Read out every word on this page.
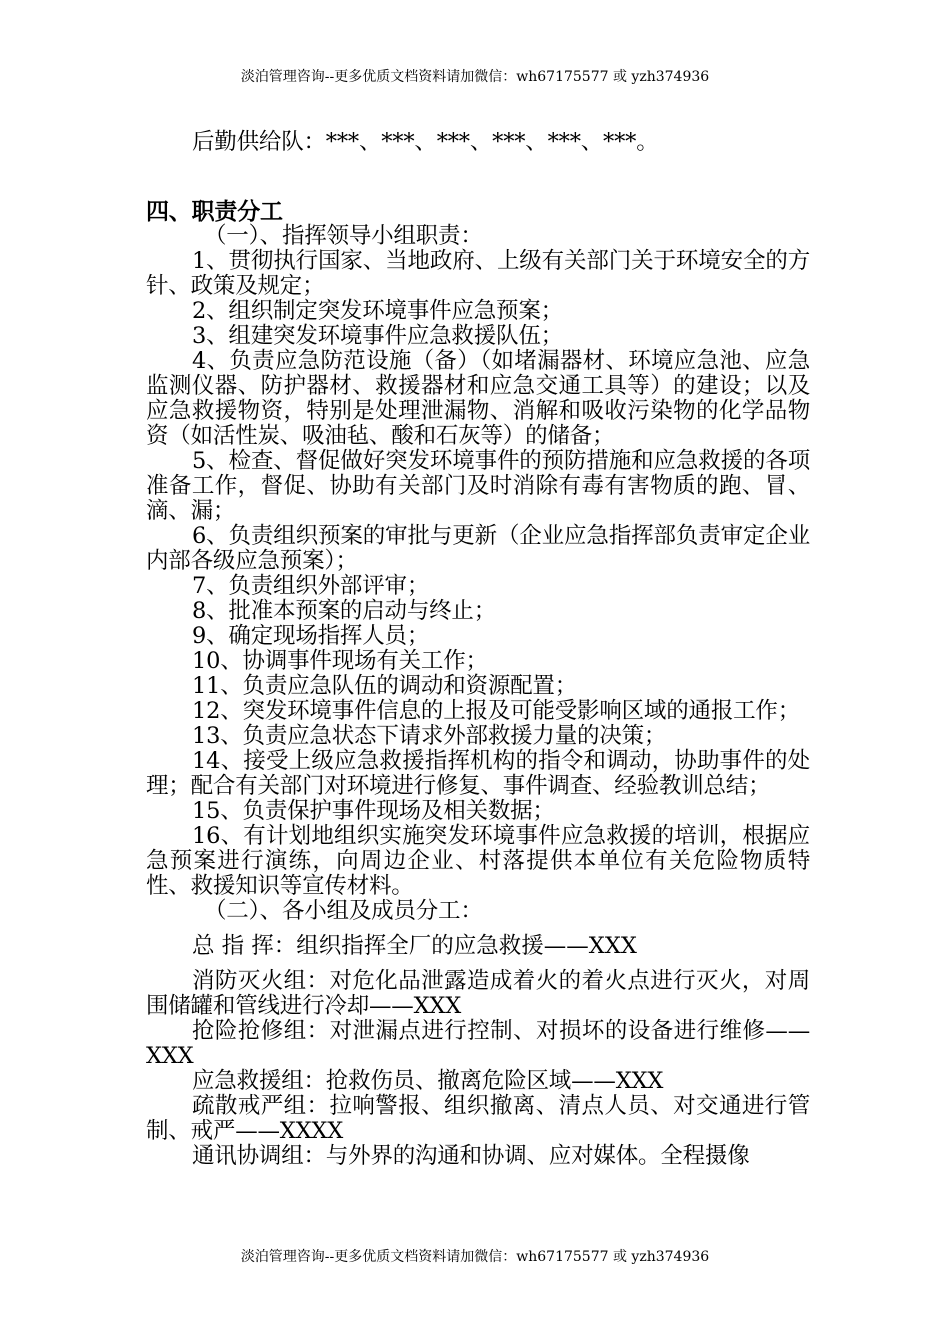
淡泊管理咨询--更多优质文档资料请加微信：wh67175577 或 yzh374936

后勤供给队：***、***、***、***、***、***。

四、职责分工

（一）、指挥领导小组职责：

1、贯彻执行国家、当地政府、上级有关部门关于环境安全的方针、政策及规定；

2、组织制定突发环境事件应急预案；

3、组建突发环境事件应急救援队伍；

4、负责应急防范设施（备）（如堵漏器材、环境应急池、应急监测仪器、防护器材、救援器材和应急交通工具等）的建设；以及应急救援物资，特别是处理泄漏物、消解和吸收污染物的化学品物资（如活性炭、吸油毡、酸和石灰等）的储备；

5、检查、督促做好突发环境事件的预防措施和应急救援的各项准备工作，督促、协助有关部门及时消除有毒有害物质的跑、冒、滴、漏；

6、负责组织预案的审批与更新（企业应急指挥部负责审定企业内部各级应急预案）；

7、负责组织外部评审；

8、批准本预案的启动与终止；

9、确定现场指挥人员；

10、协调事件现场有关工作；

11、负责应急队伍的调动和资源配置；

12、突发环境事件信息的上报及可能受影响区域的通报工作；

13、负责应急状态下请求外部救援力量的决策；

14、接受上级应急救援指挥机构的指令和调动，协助事件的处理；配合有关部门对环境进行修复、事件调查、经验教训总结；

15、负责保护事件现场及相关数据；

16、有计划地组织实施突发环境事件应急救援的培训，根据应急预案进行演练，向周边企业、村落提供本单位有关危险物质特性、救援知识等宣传材料。

（二）、各小组及成员分工：

总 指 挥：组织指挥全厂的应急救援——XXX

消防灭火组：对危化品泄露造成着火的着火点进行灭火，对周围储罐和管线进行冷却——XXX

抢险抢修组：对泄漏点进行控制、对损坏的设备进行维修——XXX

应急救援组：抢救伤员、撤离危险区域——XXX

疏散戒严组：拉响警报、组织撤离、清点人员、对交通进行管制、戒严——XXXX

通讯协调组：与外界的沟通和协调、应对媒体。全程摄像

淡泊管理咨询--更多优质文档资料请加微信：wh67175577 或 yzh374936
